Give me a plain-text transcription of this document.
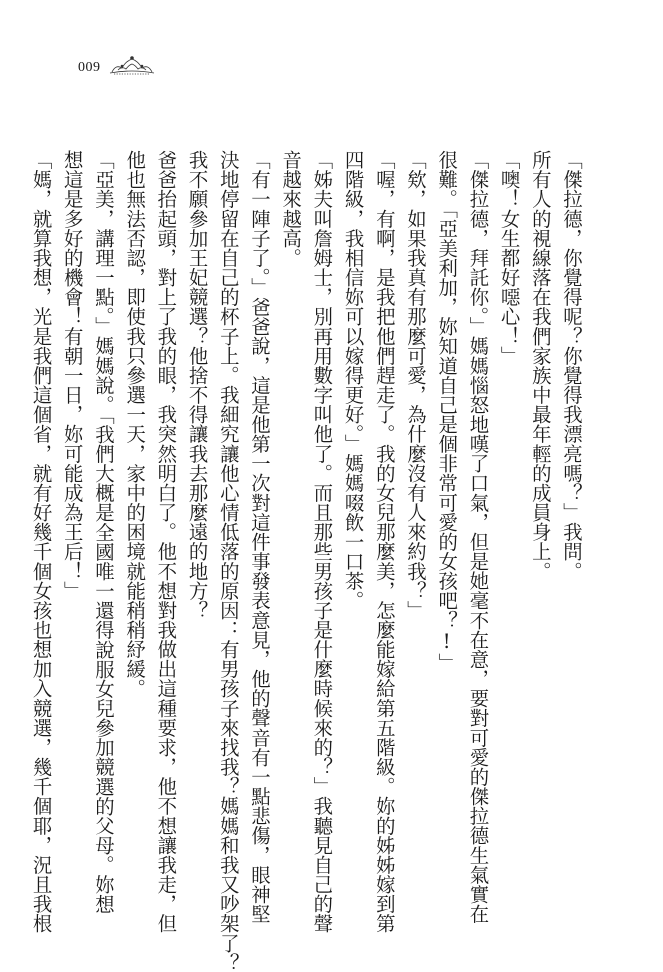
009

「傑拉德，你覺得呢？你覺得我漂亮嗎？」我問。

所有人的視線落在我們家族中最年輕的成員身上。

「噢！女生都好噁心！」

「傑拉德，拜託你。」媽媽惱怒地嘆了口氣，但是她毫不在意，要對可愛的傑拉德生氣實在

很難。「亞美利加，妳知道自己是個非常可愛的女孩吧？!」

「欸，如果我真有那麼可愛，為什麼沒有人來約我？」

「喔，有啊，是我把他們趕走了。我的女兒那麼美，怎麼能嫁給第五階級。妳的姊姊嫁到第

四階級，我相信妳可以嫁得更好。」媽媽啜飲一口茶。

「姊夫叫詹姆士，別再用數字叫他了。而且那些男孩子是什麼時候來的？」我聽見自己的聲

音越來越高。

「有一陣子了。」爸爸說，這是他第一次對這件事發表意見，他的聲音有一點悲傷，眼神堅

決地停留在自己的杯子上。我細究讓他心情低落的原因：有男孩子來找我？媽媽和我又吵架了？

我不願參加王妃競選？他捨不得讓我去那麼遠的地方？

爸爸抬起頭，對上了我的眼，我突然明白了。他不想對我做出這種要求，他不想讓我走，但

他也無法否認，即使我只參選一天，家中的困境就能稍稍紓緩。

「亞美，講理一點。」媽媽說。「我們大概是全國唯一還得說服女兒參加競選的父母。妳想

想這是多好的機會！有朝一日，妳可能成為王后！」

「媽，就算我想，光是我們這個省，就有好幾千個女孩也想加入競選，幾千個耶，況且我根
